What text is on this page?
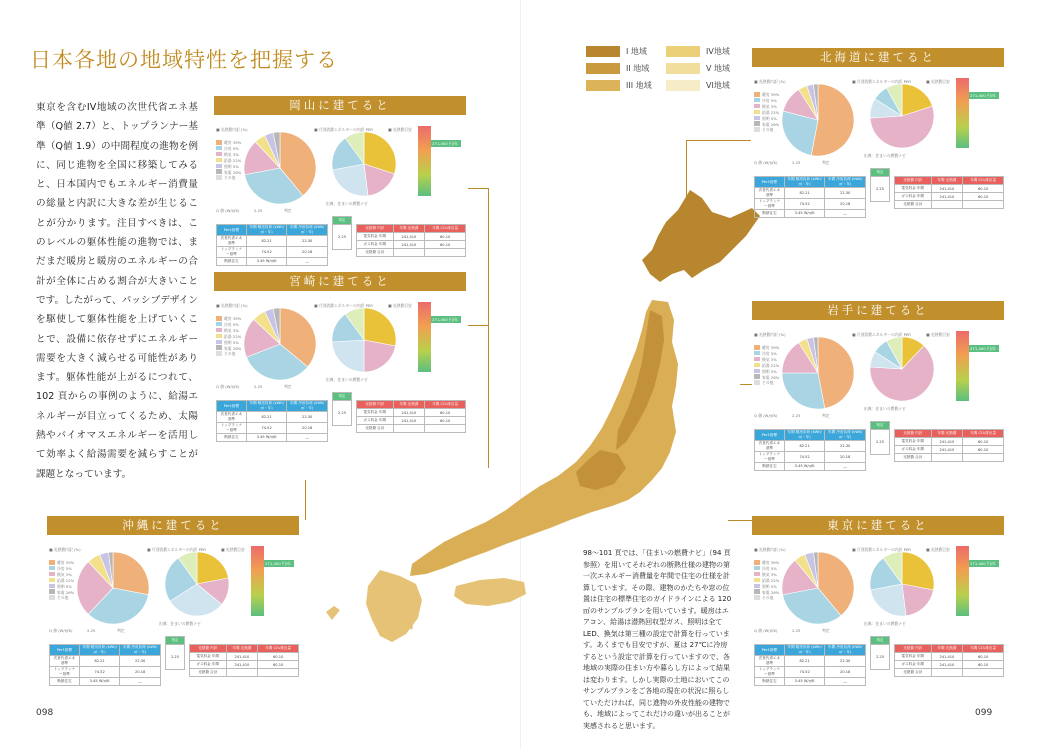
日本各地の地域特性を把握する
東京を含むIV地域の次世代省エネ基準（Q値 2.7）と、トップランナー基準（Q値 1.9）の中間程度の進物を例に、同じ進物を全国に移築してみると、日本国内でもエネルギー消費量の総量と内訳に大きな差が生じることが分かります。注目すべきは、このレベルの躯体性能の進物では、まだまだ暖房と暖房のエネルギーの合計が全体に占める割合が大きいことです。したがって、パッシブデザインを駆使して躯体性能を上げていくことで、設備に依存せずにエネルギー需要を大きく減らせる可能性があります。躯体性能が上がるにつれて、102 頁からの事例のように、給湯エネルギーが目立ってくるため、太陽熱やバイオマスエネルギーを活用して効率よく給湯需要を減らすことが課題となっています。
98～101 頁では、「住まいの燃費ナビ」（94 頁参照）を用いてそれぞれの断熱仕様の建物の第一次エネルギー消費量を年間で住宅の仕様を計算しています。その際、建物のかたちや窓の位置は住宅の標準住宅のガイドラインによる 120㎡のサンプルプランを用いています。暖房はエアコン、給湯は潜熱回収型ガス、照明は全て LED、換気は第三種の設定で計算を行っています。あくまでも目安ですが、夏は 27℃に冷房するという設定で計算を行っていますので、各地域の実際の住まい方や暮らし方によって結果は変わります。しかし実際の土地においてこのサンプルプランをご各地の現在の状況に照らしていただければ、同じ進物の外皮性能の建物でも、地域によってこれだけの違いが出ることが実感されると思います。
098	099
I 地域
II 地域
III 地域
IV地域
V 地域
VI地域
岡山に建てると
■ 光熱費内訳 (%)	■ 月別消費エネルギーの内訳 PER	■ 光熱費目安
暖房 39%
冷房 5%
換気 3%
給湯 22%
照明 5%
家電 26%
その他
271,400 円/年
Q 値 (W/㎡K)	2.25	判定
出典：住まいの燃費ナビ
Perf.指標	年間 暖房負荷 (kWh/㎡・年)	年間 冷房負荷 (kWh/㎡・年)
次世代省エネ基準	82.21	22.30
トップランナー基準	74.52	20.18
断熱住宅	3.45 W/㎡K	—
判定
2.25
光熱費 内訳	年間 光熱費	年間 CO₂排出量
電気料金 年間	241,410	60.10
ガス料金 年間	241,410	60.10
光熱費 合計		
宮崎に建てると
■ 光熱費内訳 (%)	■ 月別消費エネルギーの内訳 PER	■ 光熱費目安
暖房 39%
冷房 5%
換気 3%
給湯 22%
照明 5%
家電 26%
その他
271,400 円/年
Q 値 (W/㎡K)	2.25	判定
出典：住まいの燃費ナビ
Perf.指標	年間 暖房負荷 (kWh/㎡・年)	年間 冷房負荷 (kWh/㎡・年)
次世代省エネ基準	82.21	22.30
トップランナー基準	74.52	20.18
断熱住宅	3.45 W/㎡K	—
判定
2.25
光熱費 内訳	年間 光熱費	年間 CO₂排出量
電気料金 年間	241,410	60.10
ガス料金 年間	241,410	60.10
光熱費 合計		
沖縄に建てると
■ 光熱費内訳 (%)	■ 月別消費エネルギーの内訳 PER	■ 光熱費目安
暖房 39%
冷房 5%
換気 3%
給湯 22%
照明 5%
家電 26%
その他
271,400 円/年
Q 値 (W/㎡K)	2.25	判定
出典：住まいの燃費ナビ
Perf.指標	年間 暖房負荷 (kWh/㎡・年)	年間 冷房負荷 (kWh/㎡・年)
次世代省エネ基準	82.21	22.30
トップランナー基準	74.52	20.18
断熱住宅	3.45 W/㎡K	—
判定
2.25
光熱費 内訳	年間 光熱費	年間 CO₂排出量
電気料金 年間	241,410	60.10
ガス料金 年間	241,410	60.10
光熱費 合計		
北海道に建てると
■ 光熱費内訳 (%)	■ 月別消費エネルギーの内訳 PER	■ 光熱費目安
暖房 39%
冷房 5%
換気 3%
給湯 22%
照明 5%
家電 26%
その他
271,400 円/年
Q 値 (W/㎡K)	2.25	判定
出典：住まいの燃費ナビ
Perf.指標	年間 暖房負荷 (kWh/㎡・年)	年間 冷房負荷 (kWh/㎡・年)
次世代省エネ基準	82.21	22.30
トップランナー基準	74.52	20.18
断熱住宅	3.45 W/㎡K	—
判定
2.25
光熱費 内訳	年間 光熱費	年間 CO₂排出量
電気料金 年間	241,410	60.10
ガス料金 年間	241,410	60.10
光熱費 合計		
岩手に建てると
■ 光熱費内訳 (%)	■ 月別消費エネルギーの内訳 PER	■ 光熱費目安
暖房 39%
冷房 5%
換気 3%
給湯 22%
照明 5%
家電 26%
その他
271,400 円/年
Q 値 (W/㎡K)	2.25	判定
出典：住まいの燃費ナビ
Perf.指標	年間 暖房負荷 (kWh/㎡・年)	年間 冷房負荷 (kWh/㎡・年)
次世代省エネ基準	82.21	22.30
トップランナー基準	74.52	20.18
断熱住宅	3.45 W/㎡K	—
判定
2.25
光熱費 内訳	年間 光熱費	年間 CO₂排出量
電気料金 年間	241,410	60.10
ガス料金 年間	241,410	60.10
光熱費 合計		
東京に建てると
■ 光熱費内訳 (%)	■ 月別消費エネルギーの内訳 PER	■ 光熱費目安
暖房 39%
冷房 5%
換気 3%
給湯 22%
照明 5%
家電 26%
その他
271,400 円/年
Q 値 (W/㎡K)	2.25	判定
出典：住まいの燃費ナビ
Perf.指標	年間 暖房負荷 (kWh/㎡・年)	年間 冷房負荷 (kWh/㎡・年)
次世代省エネ基準	82.21	22.30
トップランナー基準	74.52	20.18
断熱住宅	3.45 W/㎡K	—
判定
2.25
光熱費 内訳	年間 光熱費	年間 CO₂排出量
電気料金 年間	241,410	60.10
ガス料金 年間	241,410	60.10
光熱費 合計		
